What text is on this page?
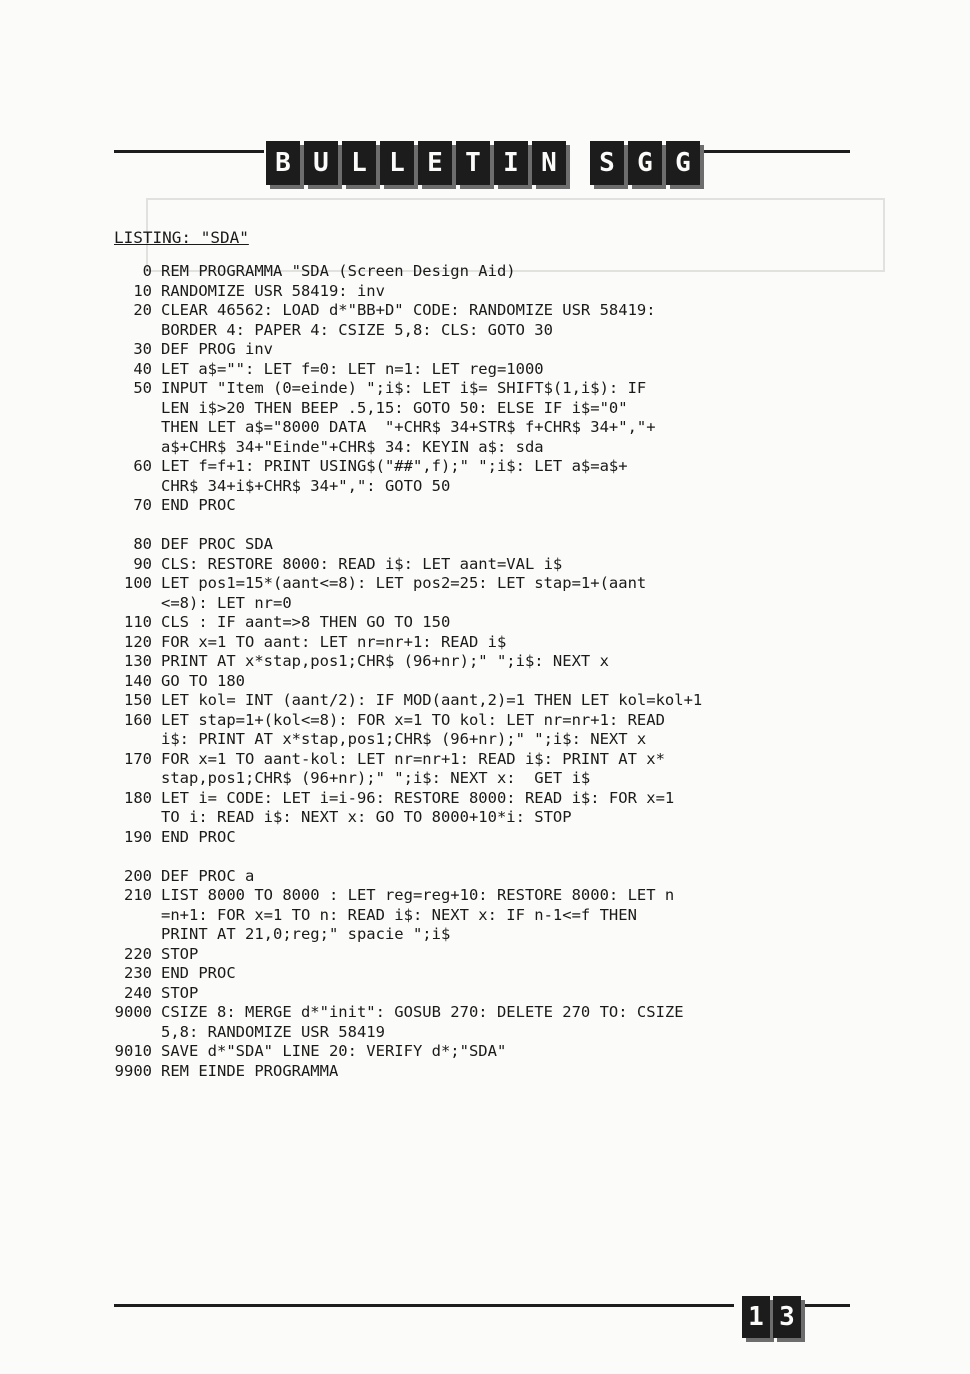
B U L L E T I N S G G
LISTING: "SDA"
0 REM PROGRAMMA "SDA (Screen Design Aid)
10 RANDOMIZE USR 58419: inv
20 CLEAR 46562: LOAD d*"BB+D" CODE: RANDOMIZE USR 58419:
BORDER 4: PAPER 4: CSIZE 5,8: CLS: GOTO 30
30 DEF PROG inv
40 LET a$="": LET f=0: LET n=1: LET reg=1000
50 INPUT "Item (0=einde) ";i$: LET i$= SHIFT$(1,i$): IF
LEN i$>20 THEN BEEP .5,15: GOTO 50: ELSE IF i$="0"
THEN LET a$="8000 DATA  "+CHR$ 34+STR$ f+CHR$ 34+","+
a$+CHR$ 34+"Einde"+CHR$ 34: KEYIN a$: sda
60 LET f=f+1: PRINT USING$("##",f);" ";i$: LET a$=a$+
CHR$ 34+i$+CHR$ 34+",": GOTO 50
70 END PROC
80 DEF PROC SDA
90 CLS: RESTORE 8000: READ i$: LET aant=VAL i$
100 LET pos1=15*(aant<=8): LET pos2=25: LET stap=1+(aant
<=8): LET nr=0
110 CLS : IF aant=>8 THEN GO TO 150
120 FOR x=1 TO aant: LET nr=nr+1: READ i$
130 PRINT AT x*stap,pos1;CHR$ (96+nr);" ";i$: NEXT x
140 GO TO 180
150 LET kol= INT (aant/2): IF MOD(aant,2)=1 THEN LET kol=kol+1
160 LET stap=1+(kol<=8): FOR x=1 TO kol: LET nr=nr+1: READ
i$: PRINT AT x*stap,pos1;CHR$ (96+nr);" ";i$: NEXT x
170 FOR x=1 TO aant-kol: LET nr=nr+1: READ i$: PRINT AT x*
stap,pos1;CHR$ (96+nr);" ";i$: NEXT x:  GET i$
180 LET i= CODE: LET i=i-96: RESTORE 8000: READ i$: FOR x=1
TO i: READ i$: NEXT x: GO TO 8000+10*i: STOP
190 END PROC
200 DEF PROC a
210 LIST 8000 TO 8000 : LET reg=reg+10: RESTORE 8000: LET n
=n+1: FOR x=1 TO n: READ i$: NEXT x: IF n-1<=f THEN
PRINT AT 21,0;reg;" spacie ";i$
220 STOP
230 END PROC
240 STOP
9000 CSIZE 8: MERGE d*"init": GOSUB 270: DELETE 270 TO: CSIZE
5,8: RANDOMIZE USR 58419
9010 SAVE d*"SDA" LINE 20: VERIFY d*;"SDA"
9900 REM EINDE PROGRAMMA
1 3
